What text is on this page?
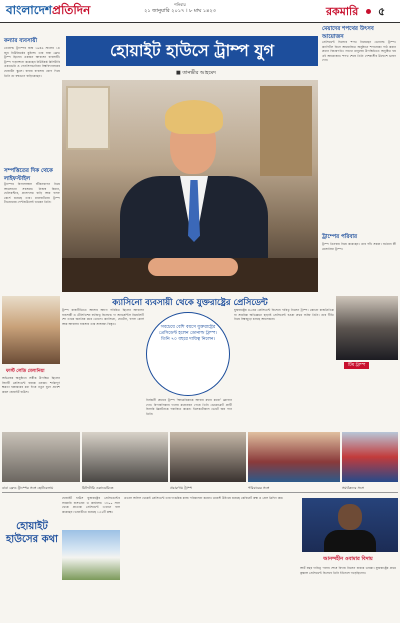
বাংলাদেশপ্রতিদিন	শনিবার
২১ জানুয়ারি ২০১৭ । ৮ মাঘ ১৪২৩	রকমারি ৫
হোয়াইট হাউসে ট্রাম্প যুগ
■ তানভীর আহমেদ
কন্যার ব্যবসায়ী
ডোনাল্ড ট্রাম্পের জন্ম ১৯৪৬ সালের ১৪ জুন নিউইয়র্কের কুইন্সে। তার বাবা ফ্রেড ট্রাম্প ছিলেন একজন আবাসন ব্যবসায়ী। ট্রাম্প পড়াশোনা করেছেন নিউইয়র্ক মিলিটারি একাডেমি ও পেনসিলভানিয়া বিশ্ববিদ্যালয়ের হোয়ার্টন স্কুলে। বাবার ব্যবসায় যোগ দিয়ে তিনি তা বহুগুণে বাড়িয়েছেন।
সম্পত্তিতের দিক থেকে লাইফস্টাইল
ট্রাম্পের বিলাসবহুল জীবনযাপন নিয়ে আলোচনা সবসময়। নিজস্ব বিমান, হেলিকপ্টার, প্রাসাদসম বাড়ি আর গলফ কোর্স রয়েছে তার। ম্যানহাটনের ট্রাম্প টাওয়ারের পেন্টহাউসেই থাকেন তিনি।
মেয়াদের শপথের উৎসব আয়োজন
প্রেসিডেন্ট হিসেবে শপথ নিয়েছেন ডোনাল্ড ট্রাম্প। ক্যাপিটল হিলে আয়োজিত অনুষ্ঠানে শপথবাক্য পাঠ করান প্রধান বিচারপতি। লাখো মানুষের উপস্থিতিতে অনুষ্ঠিত হয় এই আয়োজন। শপথ শেষে তিনি দেশবাসীর উদ্দেশে ভাষণ দেন।
ট্রাম্পের পরিবার
ট্রাম্প তিনবার বিয়ে করেছেন। তার পাঁচ সন্তান। বর্তমান স্ত্রী মেলানিয়া ট্রাম্প।
ক্যাসিনো ব্যবসায়ী থেকে যুক্তরাষ্ট্রের প্রেসিডেন্ট
ফার্স্ট লেডি মেলানিয়া
টিম ট্রাম্প
ট্রাম্প রাজনীতিতে আসার আগে পরিচিত ছিলেন আবাসন ব্যবসায়ী ও টেলিভিশন ব্যক্তিত্ব হিসেবে। দ্য অ্যাপ্রেন্টিস রিয়েলিটি শো তাকে জনপ্রিয় করে তোলে। ক্যাসিনো, হোটেল, গলফ কোর্স আর আবাসন ব্যবসায় তার সাম্রাজ্য বিস্তৃত।
নির্বাচনী প্রচারে ট্রাম্প 'আমেরিকাকে আবার মহান করো' স্লোগান দেন। রিপাবলিকান দলের মনোনয়ন পেয়ে তিনি ডেমোক্রেট প্রার্থী হিলারি ক্লিনটনকে পরাজিত করেন। ইলেকটোরাল ভোটে জয় পান তিনি।
যুক্তরাষ্ট্রের ৪৫তম প্রেসিডেন্ট হিসেবে দায়িত্ব নিলেন ট্রাম্প। কোনো রাজনৈতিক বা সামরিক অভিজ্ঞতা ছাড়াই প্রেসিডেন্ট হওয়া প্রথম ব্যক্তি তিনি। তার নীতি নিয়ে বিশ্বজুড়ে চলছে আলোচনা।
অভিষেক অনুষ্ঠানে সস্ত্রীক উপস্থিত ছিলেন বিদায়ী প্রেসিডেন্ট বারাক ওবামা। শান্তিপূর্ণ ক্ষমতা হস্তান্তরের মধ্য দিয়ে নতুন যুগে প্রবেশ করল হোয়াইট হাউস।
সবচেয়ে বেশি বয়সে যুক্তরাষ্ট্রের প্রেসিডেন্ট হলেন ডোনাল্ড ট্রাম্প। তিনি ৭০ বছরে দায়িত্ব নিলেন।
বাবা ফ্রেড ট্রাম্পের সঙ্গে ছোটবেলায়	মিলিটারি একাডেমিতে	প্রচারণায় ট্রাম্প	পরিবারের সঙ্গে	সমর্থকদের সঙ্গে
হোয়াইট হাউসের কথা
হোয়াইট হাউস যুক্তরাষ্ট্রের প্রেসিডেন্টের সরকারি বাসভবন ও কার্যালয়। ১৮০০ সাল থেকে প্রত্যেক প্রেসিডেন্ট এখানে বাস করেছেন। ভবনটিতে রয়েছে ১৩২টি কক্ষ।
ওভাল অফিস থেকেই প্রেসিডেন্ট তার দাপ্তরিক কাজ পরিচালনা করেন। ওয়েস্ট উইংয়ে রয়েছে কেবিনেট কক্ষ ও প্রেস ব্রিফিং রুম।
আনন্দহীন ওবামার বিদায়
আট বছর দায়িত্ব পালন শেষে বিদায় নিলেন বারাক ওবামা। যুক্তরাষ্ট্রের প্রথম কৃষ্ণাঙ্গ প্রেসিডেন্ট হিসেবে তিনি ইতিহাস গড়েছিলেন।
